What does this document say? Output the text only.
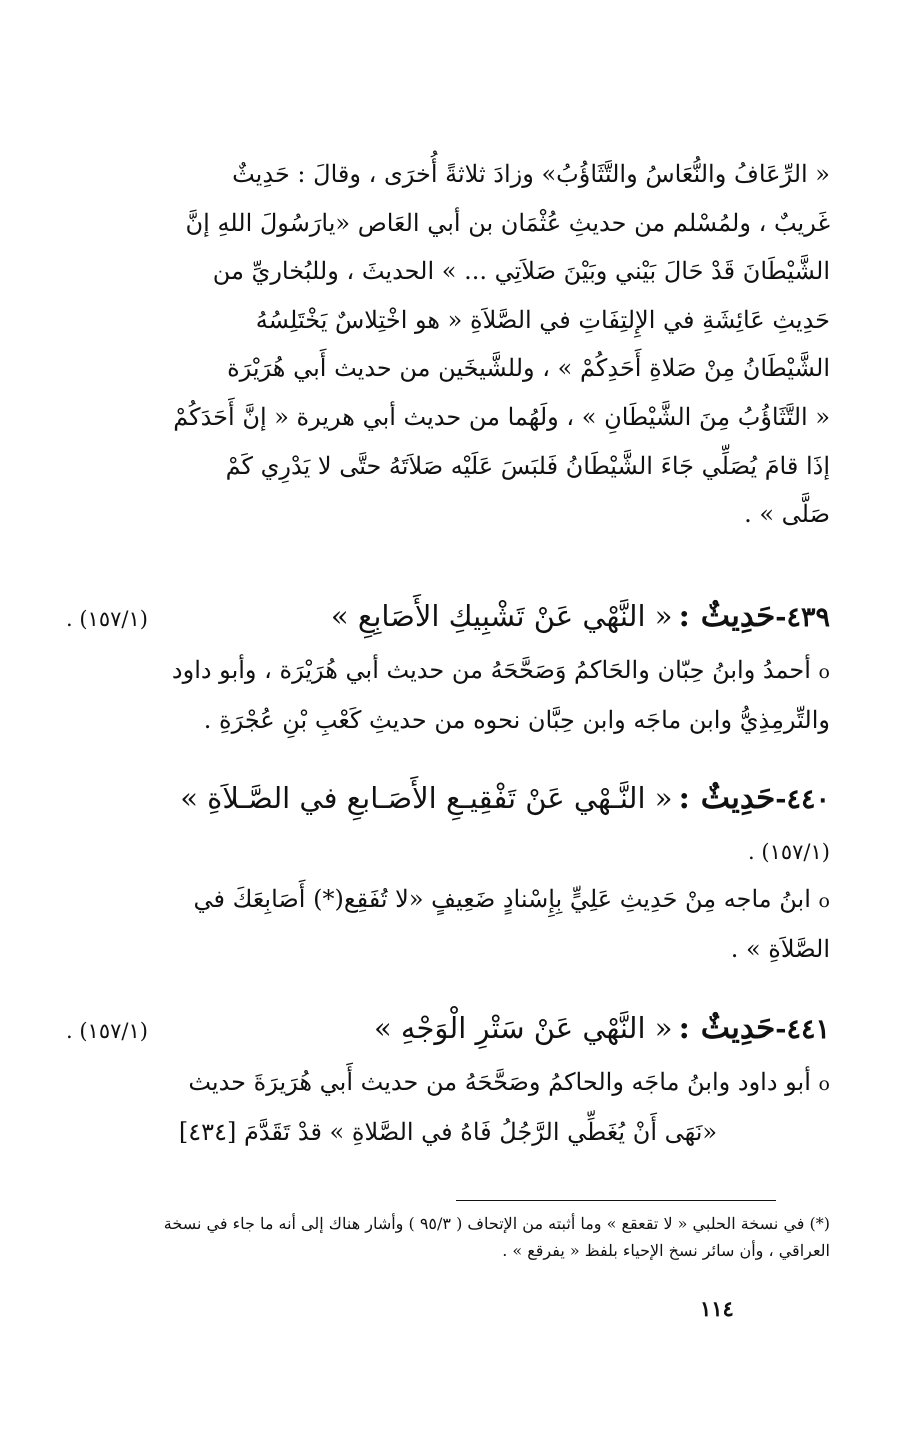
« الرِّعَافُ والنُّعَاسُ والتَّثَاؤُبُ» وزادَ ثلاثةً أُخرَى ، وقالَ : حَدِيثٌ
غَريبٌ ، ولمُسْلم من حديثِ عُثْمَان بن أبي العَاص «يارَسُولَ اللهِ إنَّ
الشَّيْطَانَ قَدْ حَالَ بَيْني وبَيْنَ صَلاَتِي ... » الحديثَ ، وللبُخاريِّ من
حَدِيثِ عَائِشَةِ في الإِلتِفَاتِ في الصَّلاَةِ « هو اخْتِلاسٌ يَخْتَلِسُهُ
الشَّيْطَانُ مِنْ صَلاةِ أَحَدِكُمْ » ، وللشَّيخَين من حديث أَبي هُرَيْرَة
« التَّثَاؤُبُ مِنَ الشَّيْطَانِ » ، ولَهُما من حديث أبي هريرة « إنَّ أَحَدَكُمْ
إذَا قامَ يُصَلِّي جَاءَ الشَّيْطَانُ فَلبَسَ عَلَيْه صَلاَتَهُ حتَّى لا يَدْرِي كَمْ
صَلَّى » .
٤٣٩-
حَدِيثٌ :
« النَّهْي عَنْ تَشْبِيكِ الأَصَابِعِ »
(١٥٧/١) .
o أحمدُ وابنُ حِبّان والحَاكمُ وَصَحَّحَهُ من حديث أبي هُرَيْرَة ، وأبو داود
والتِّرمِذِيُّ وابن ماجَه وابن حِبَّان نحوه من حديثِ كَعْبِ بْنِ عُجْرَةِ .
٤٤٠-
حَدِيثٌ :
« النَّـهْي عَنْ تَفْقِيـعِ الأَصَـابعِ في الصَّـلاَةِ »
(١٥٧/١) .
o ابنُ ماجه مِنْ حَدِيثِ عَلِيٍّ بِإِسْنادٍ ضَعِيفٍ «لا تُفَقِع(*) أَصَابِعَكَ في
الصَّلاَةِ » .
٤٤١-
حَدِيثٌ :
« النَّهْي عَنْ سَتْرِ الْوَجْهِ »
(١٥٧/١) .
o أبو داود وابنُ ماجَه والحاكمُ وصَحَّحَهُ من حديث أَبي هُرَيرَةَ حديث
«نَهَى أَنْ يُغَطِّي الرَّجُلُ فَاهُ في الصَّلاةِ » قدْ تَقَدَّمَ [٤٣٤]
(*) في نسخة الحلبي « لا تقعقع » وما أثبته من الإتحاف ( ٩٥/٣ ) وأشار هناك إلى أنه ما جاء في نسخة
العراقي ، وأن سائر نسخ الإحياء بلفظ « يفرقع » .
١١٤
